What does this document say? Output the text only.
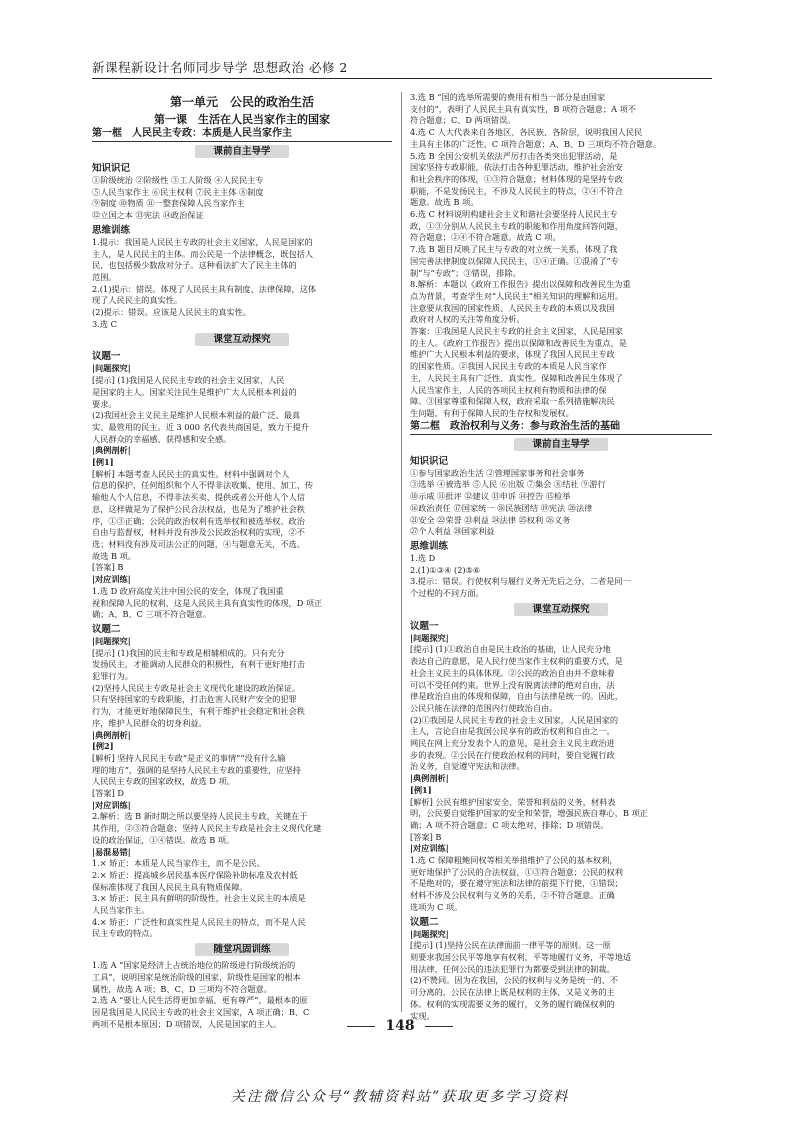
新课程新设计名师同步导学 思想政治 必修 2
第一单元　公民的政治生活
第一课　生活在人民当家作主的国家
第一框　人民民主专政：本质是人民当家作主
课前自主导学
知识识记
①阶级统治 ②阶级性 ③工人阶级 ④人民民主专
⑤人民当家作主 ⑥民主权利 ⑦民主主体 ⑧制度
⑨制度 ⑩物质 ⑪一整套保障人民当家作主
⑫立国之本 ⑬宪法 ⑭政治保证
思维训练
1.提示：我国是人民民主专政的社会主义国家，人民是国家的
主人，是人民民主的主体。而公民是一个法律概念，既包括人
民，也包括极少数敌对分子。这种看法扩大了民主主体的
范围。
2.(1)提示：错误。体现了人民民主具有制度、法律保障，这体
现了人民民主的真实性。
(2)提示：错误。应该是人民民主的真实性。
3.选 C
课堂互动探究
议题一
|问题探究|
[提示] (1)我国是人民民主专政的社会主义国家，人民
是国家的主人。国家关注民生是维护广大人民根本利益的
要求。
(2)我国社会主义民主是维护人民根本利益的最广泛、最真
实、最管用的民主。近 3 000 名代表共商国是，致力于提升
人民群众的幸福感、获得感和安全感。
|典例剖析|
[例1]
[解析] 本题考查人民民主的真实性。材料中强调对个人
信息的保护，任何组织和个人不得非法收集、使用、加工、传
输他人个人信息，不得非法买卖、提供或者公开他人个人信
息，这样做是为了保护公民合法权益，也是为了维护社会秩
序，①③正确；公民的政治权利有选举权和被选举权、政治
自由与监督权，材料并没有涉及公民政治权利的实现，②不
选；材料没有涉及司法公正的问题，④与题意无关，不选。
故选 B 项。
[答案] B
|对应训练|
1.选 D 政府高度关注中国公民的安全，体现了我国重
视和保障人民的权利，这是人民民主具有真实性的体现，D 项正
确；A、B、C 三项不符合题意。
议题二
|问题探究|
[提示] (1)我国的民主和专政是相辅相成的。只有充分
发扬民主，才能调动人民群众的积极性，有利于更好地打击
犯罪行为。
(2)坚持人民民主专政是社会主义现代化建设的政治保证。
只有坚持国家的专政职能，打击危害人民财产安全的犯罪
行为，才能更好地保障民生，有利于维护社会稳定和社会秩
序，维护人民群众的切身利益。
|典例剖析|
[例2]
[解析] 坚持人民民主专政“是正义的事情”“没有什么输
理的地方”，强调的是坚持人民民主专政的重要性，应坚持
人民民主专政的国家政权，故选 D 项。
[答案] D
|对应训练|
2.解析：选 B 新时期之所以要坚持人民民主专政，关键在于
其作用，②③符合题意；坚持人民民主专政是社会主义现代化建
设的政治保证，①④错误。故选 B 项。
|易混易错|
1.× 矫正：本质是人民当家作主，而不是公民。
2.× 矫正：提高城乡居民基本医疗保险补助标准及农村低
保标准体现了我国人民民主具有物质保障。
3.× 矫正：民主具有鲜明的阶级性，社会主义民主的本质是
人民当家作主。
4.× 矫正：广泛性和真实性是人民民主的特点，而不是人民
民主专政的特点。
随堂巩固训练
1.选 A “国家是经济上占统治地位的阶级进行阶级统治的
工具”，说明国家是统治阶级的国家，阶级性是国家的根本
属性，故选 A 项；B、C、D 三项均不符合题意。
2.选 A “要让人民生活得更加幸福、更有尊严”，最根本的原
因是我国是人民民主专政的社会主义国家，A 项正确；B、C
两项不是根本原因；D 项错误，人民是国家的主人。
3.选 B “国的选举所需要的费用有相当一部分是由国家
支付的”，表明了人民民主具有真实性，B 项符合题意；A 项不
符合题意；C、D 两项错误。
4.选 C 人大代表来自各地区、各民族、各阶层，说明我国人民民
主具有主体的广泛性，C 项符合题意；A、B、D 三项均不符合题意。
5.选 B 全国公安机关依法严厉打击各类突出犯罪活动，是
国家坚持专政职能，依法打击各种犯罪活动，维护社会治安
和社会秩序的体现，①③符合题意；材料体现的是坚持专政
职能，不是发扬民主，不涉及人民民主的特点，②④不符合
题意。故选 B 项。
6.选 C 材料说明构建社会主义和谐社会要坚持人民民主专
政，①③分别从人民民主专政的职能和作用角度回答问题，
符合题意；②④不符合题意。故选 C 项。
7.选 B 题目反映了民主与专政的对立统一关系，体现了我
国完善法律制度以保障人民民主，①④正确。①混淆了“专
制”与“专政”；③错误，排除。
8.解析：本题以《政府工作报告》提出以保障和改善民生为重
点为背景，考查学生对“人民民主”相关知识的理解和运用。
注意要从我国的国家性质、人民民主专政的本质以及我国
政府对人权的关注等角度分析。
答案：①我国是人民民主专政的社会主义国家，人民是国家
的主人。《政府工作报告》提出以保障和改善民生为重点，是
维护广大人民根本利益的要求，体现了我国人民民主专政
的国家性质。②我国人民民主专政的本质是人民当家作
主，人民民主具有广泛性、真实性。保障和改善民生体现了
人民当家作主，人民的各项民主权利有物质和法律的保
障。③国家尊重和保障人权，政府采取一系列措施解决民
生问题，有利于保障人民的生存权和发展权。
第二框　政治权利与义务：参与政治生活的基础
课前自主导学
知识识记
①参与国家政治生活 ②管理国家事务和社会事务
③选举 ④被选举 ⑤人民 ⑥出版 ⑦集会 ⑧结社 ⑨游行
⑩示威 ⑪批评 ⑫建议 ⑬申诉 ⑭控告 ⑮检举
⑯政治责任 ⑰国家统一 ⑱民族团结 ⑲宪法 ⑳法律
㉑安全 ㉒荣誉 ㉓利益 ㉔法律 ㉕权利 ㉖义务
㉗个人利益 ㉘国家利益
思维训练
1.选 D
2.(1)①③④ (2)⑤⑥
3.提示：错误。行使权利与履行义务无先后之分，二者是同一
个过程的不同方面。
课堂互动探究
议题一
|问题探究|
[提示] (1)①政治自由是民主政治的基础，让人民充分地
表达自己的意愿，是人民行使当家作主权利的重要方式，是
社会主义民主的具体体现。②公民的政治自由并不意味着
可以不受任何约束。世界上没有脱离法律的绝对自由，法
律是政治自由的体现和保障，自由与法律是统一的。因此，
公民只能在法律的范围内行使政治自由。
(2)①我国是人民民主专政的社会主义国家，人民是国家的
主人，言论自由是我国公民享有的政治权利和自由之一。
网民在网上充分发表个人的意见，是社会主义民主政治进
步的表现。②公民在行使政治权利的同时，要自觉履行政
治义务，自觉遵守宪法和法律。
|典例剖析|
[例1]
[解析] 公民有维护国家安全、荣誉和利益的义务，材料表
明，公民要自觉维护国家的安全和荣誉，增强民族自尊心，B 项正
确；A 项不符合题意；C 项太绝对，排除；D 项错误。
[答案] B
|对应训练|
1.选 C 保障粗鲍同权等相关举措维护了公民的基本权利，
更好地保护了公民的合法权益，①③符合题意；公民的权利
不是绝对的，要在遵守宪法和法律的前提下行使，①错误；
材料不涉及公民权利与义务的关系，②不符合题意。正确
选项为 C 项。
议题二
|问题探究|
[提示] (1)坚持公民在法律面前一律平等的原则。这一原
则要求我国公民平等地享有权利，平等地履行义务，平等地适
用法律，任何公民的违法犯罪行为都要受到法律的制裁。
(2)不赞同。因为在我国，公民的权利与义务是统一的、不
可分离的，公民在法律上既是权利的主体，又是义务的主
体。权利的实现需要义务的履行，义务的履行确保权利的
实现。
148
关注微信公众号“教辅资料站”获取更多学习资料
